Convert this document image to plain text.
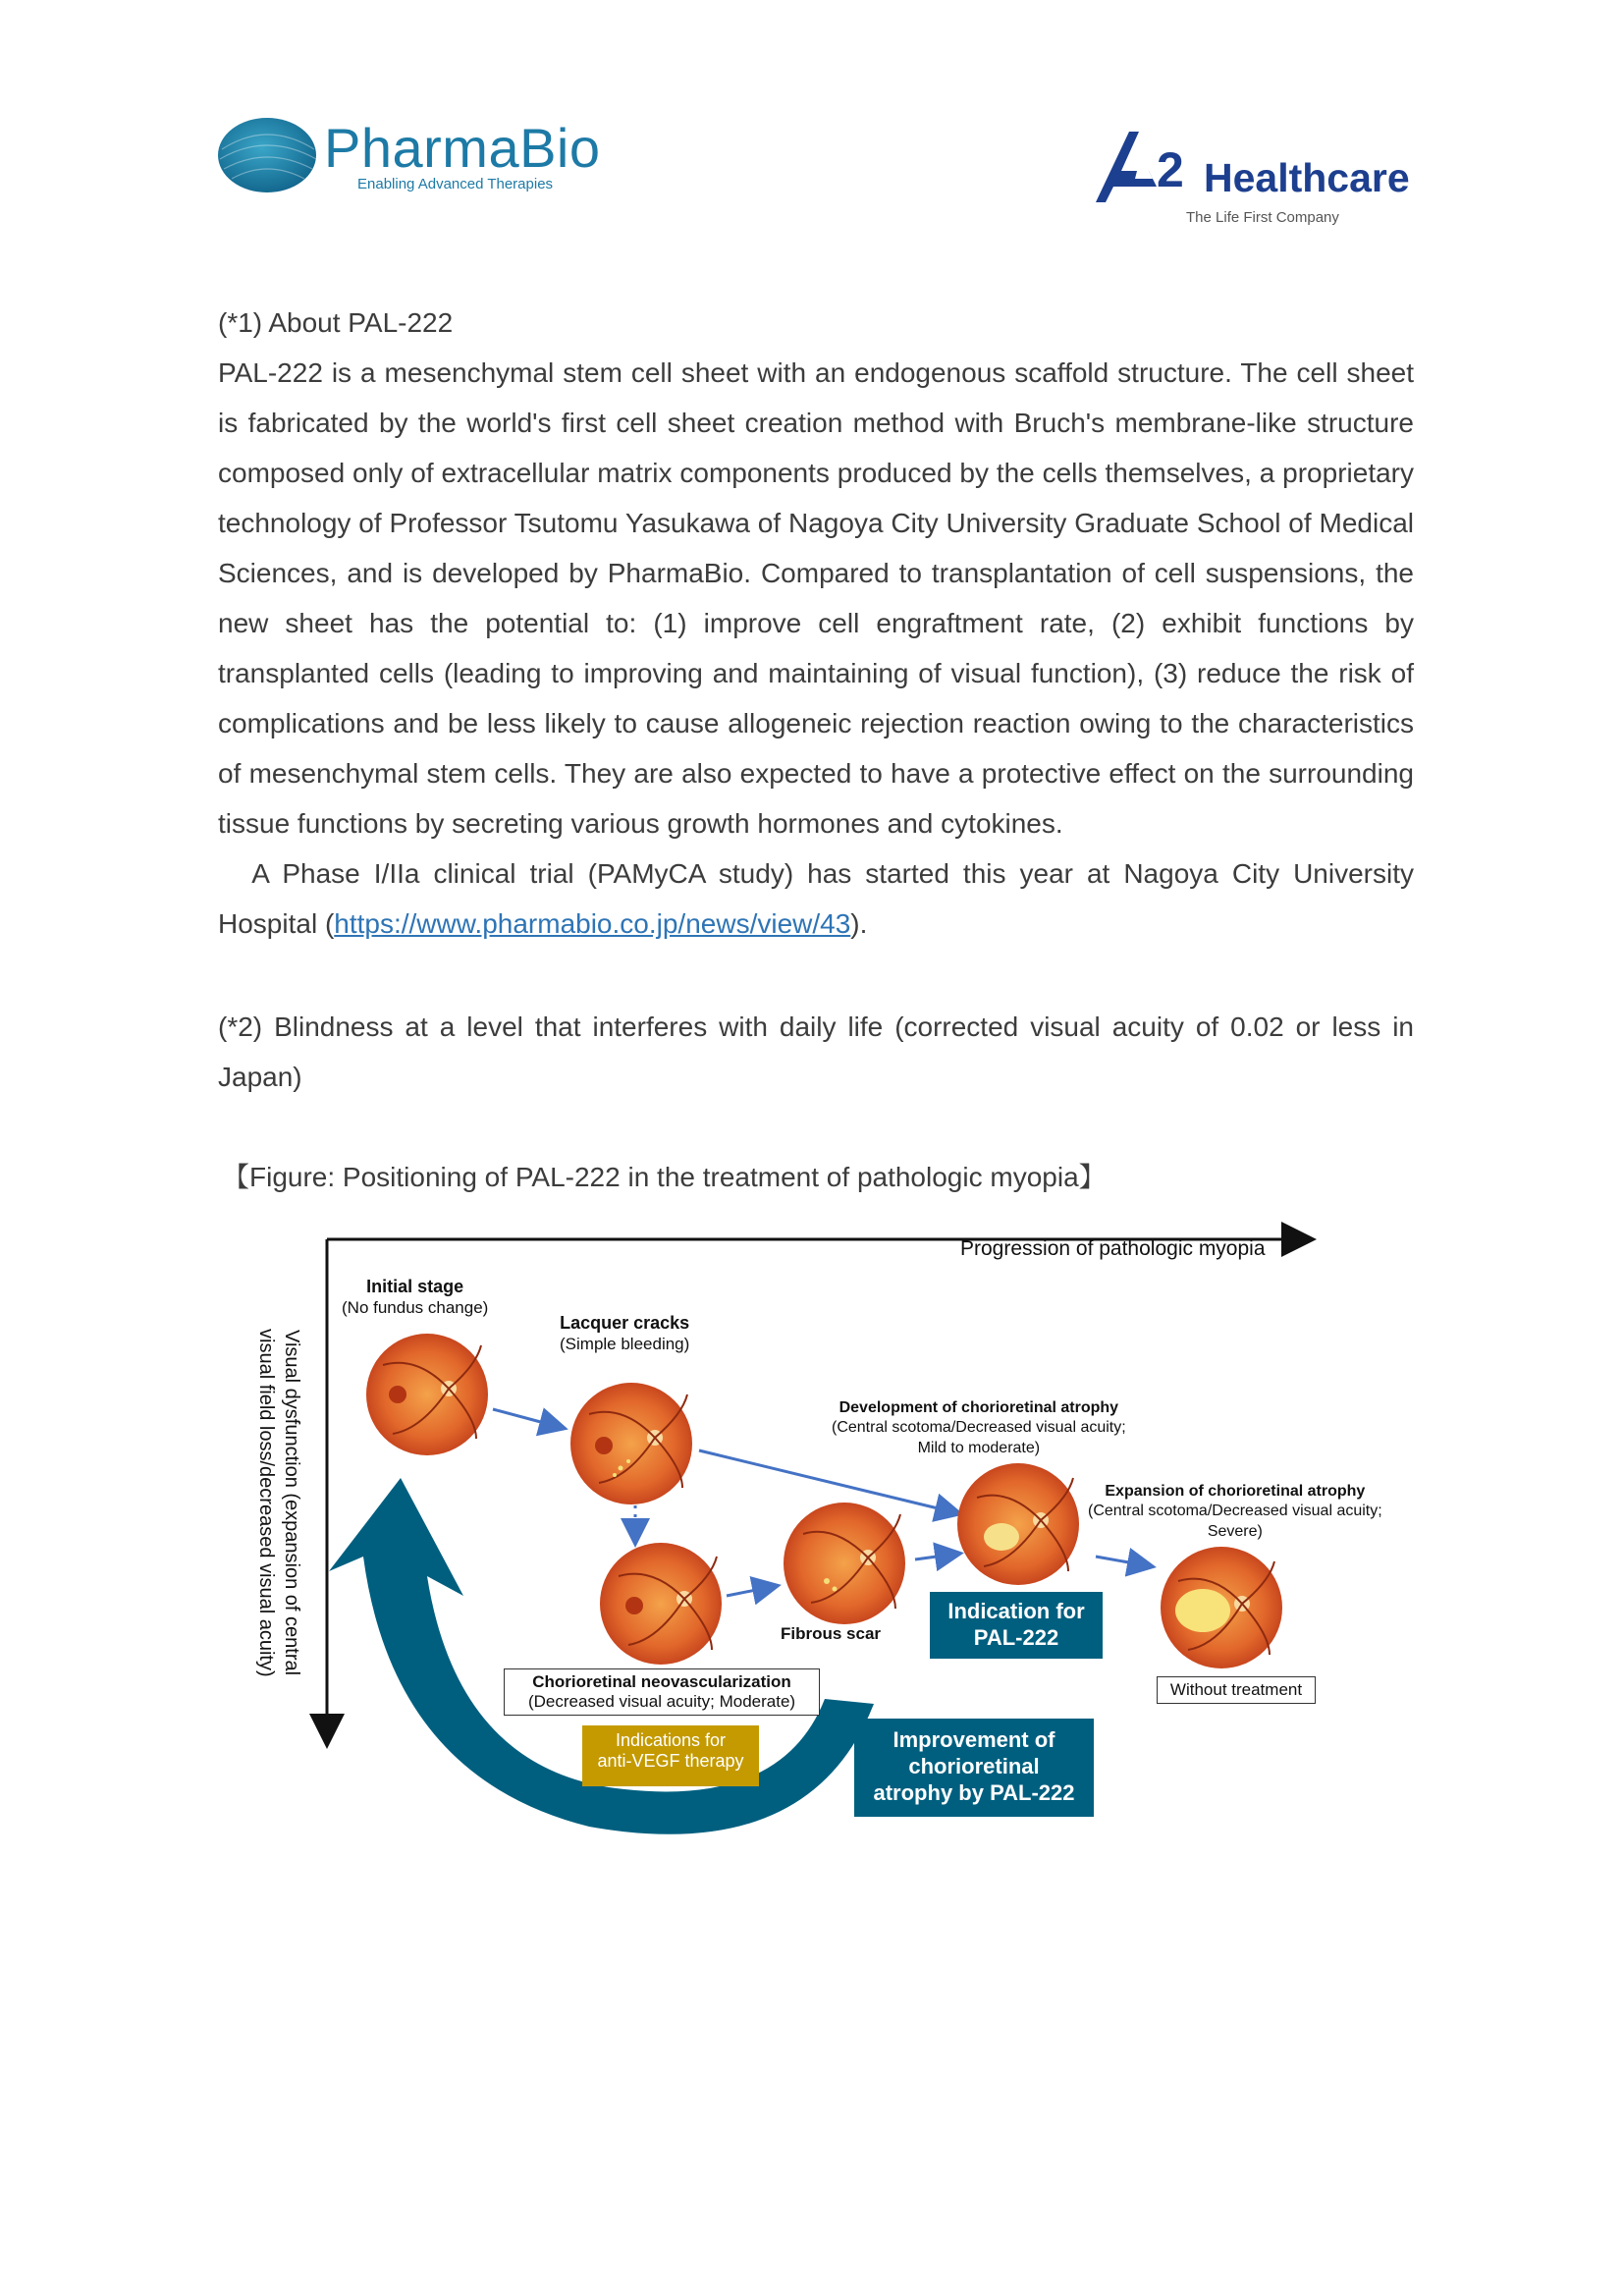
PharmaBio
Enabling Advanced Therapies	2 Healthcare
The Life First Company
(*1) About PAL-222
PAL-222 is a mesenchymal stem cell sheet with an endogenous scaffold structure. The cell sheet
is fabricated by the world's first cell sheet creation method with Bruch's membrane-like structure
composed only of extracellular matrix components produced by the cells themselves, a proprietary
technology of Professor Tsutomu Yasukawa of Nagoya City University Graduate School of Medical
Sciences, and is developed by PharmaBio. Compared to transplantation of cell suspensions, the
new sheet has the potential to: (1) improve cell engraftment rate, (2) exhibit functions by
transplanted cells (leading to improving and maintaining of visual function), (3) reduce the risk of
complications and be less likely to cause allogeneic rejection reaction owing to the characteristics
of mesenchymal stem cells. They are also expected to have a protective effect on the surrounding
tissue functions by secreting various growth hormones and cytokines.
　A Phase I/IIa clinical trial (PAMyCA study) has started this year at Nagoya City University
Hospital (https://www.pharmabio.co.jp/news/view/43).
(*2) Blindness at a level that interferes with daily life (corrected visual acuity of 0.02 or less in
Japan)
【Figure: Positioning of PAL-222 in the treatment of pathologic myopia】
Progression of pathologic myopia
Visual dysfunction (expansion of central
visual field loss/decreased visual acuity)
Initial stage
(No fundus change)
Lacquer cracks
(Simple bleeding)
Development of chorioretinal atrophy
(Central scotoma/Decreased visual acuity;
Mild to moderate)
Expansion of chorioretinal atrophy
(Central scotoma/Decreased visual acuity;
Severe)
Fibrous scar
Chorioretinal neovascularization
(Decreased visual acuity; Moderate)
Without treatment
Indications for
anti-VEGF therapy
Indication for
PAL-222
Improvement of
chorioretinal
atrophy by PAL-222
